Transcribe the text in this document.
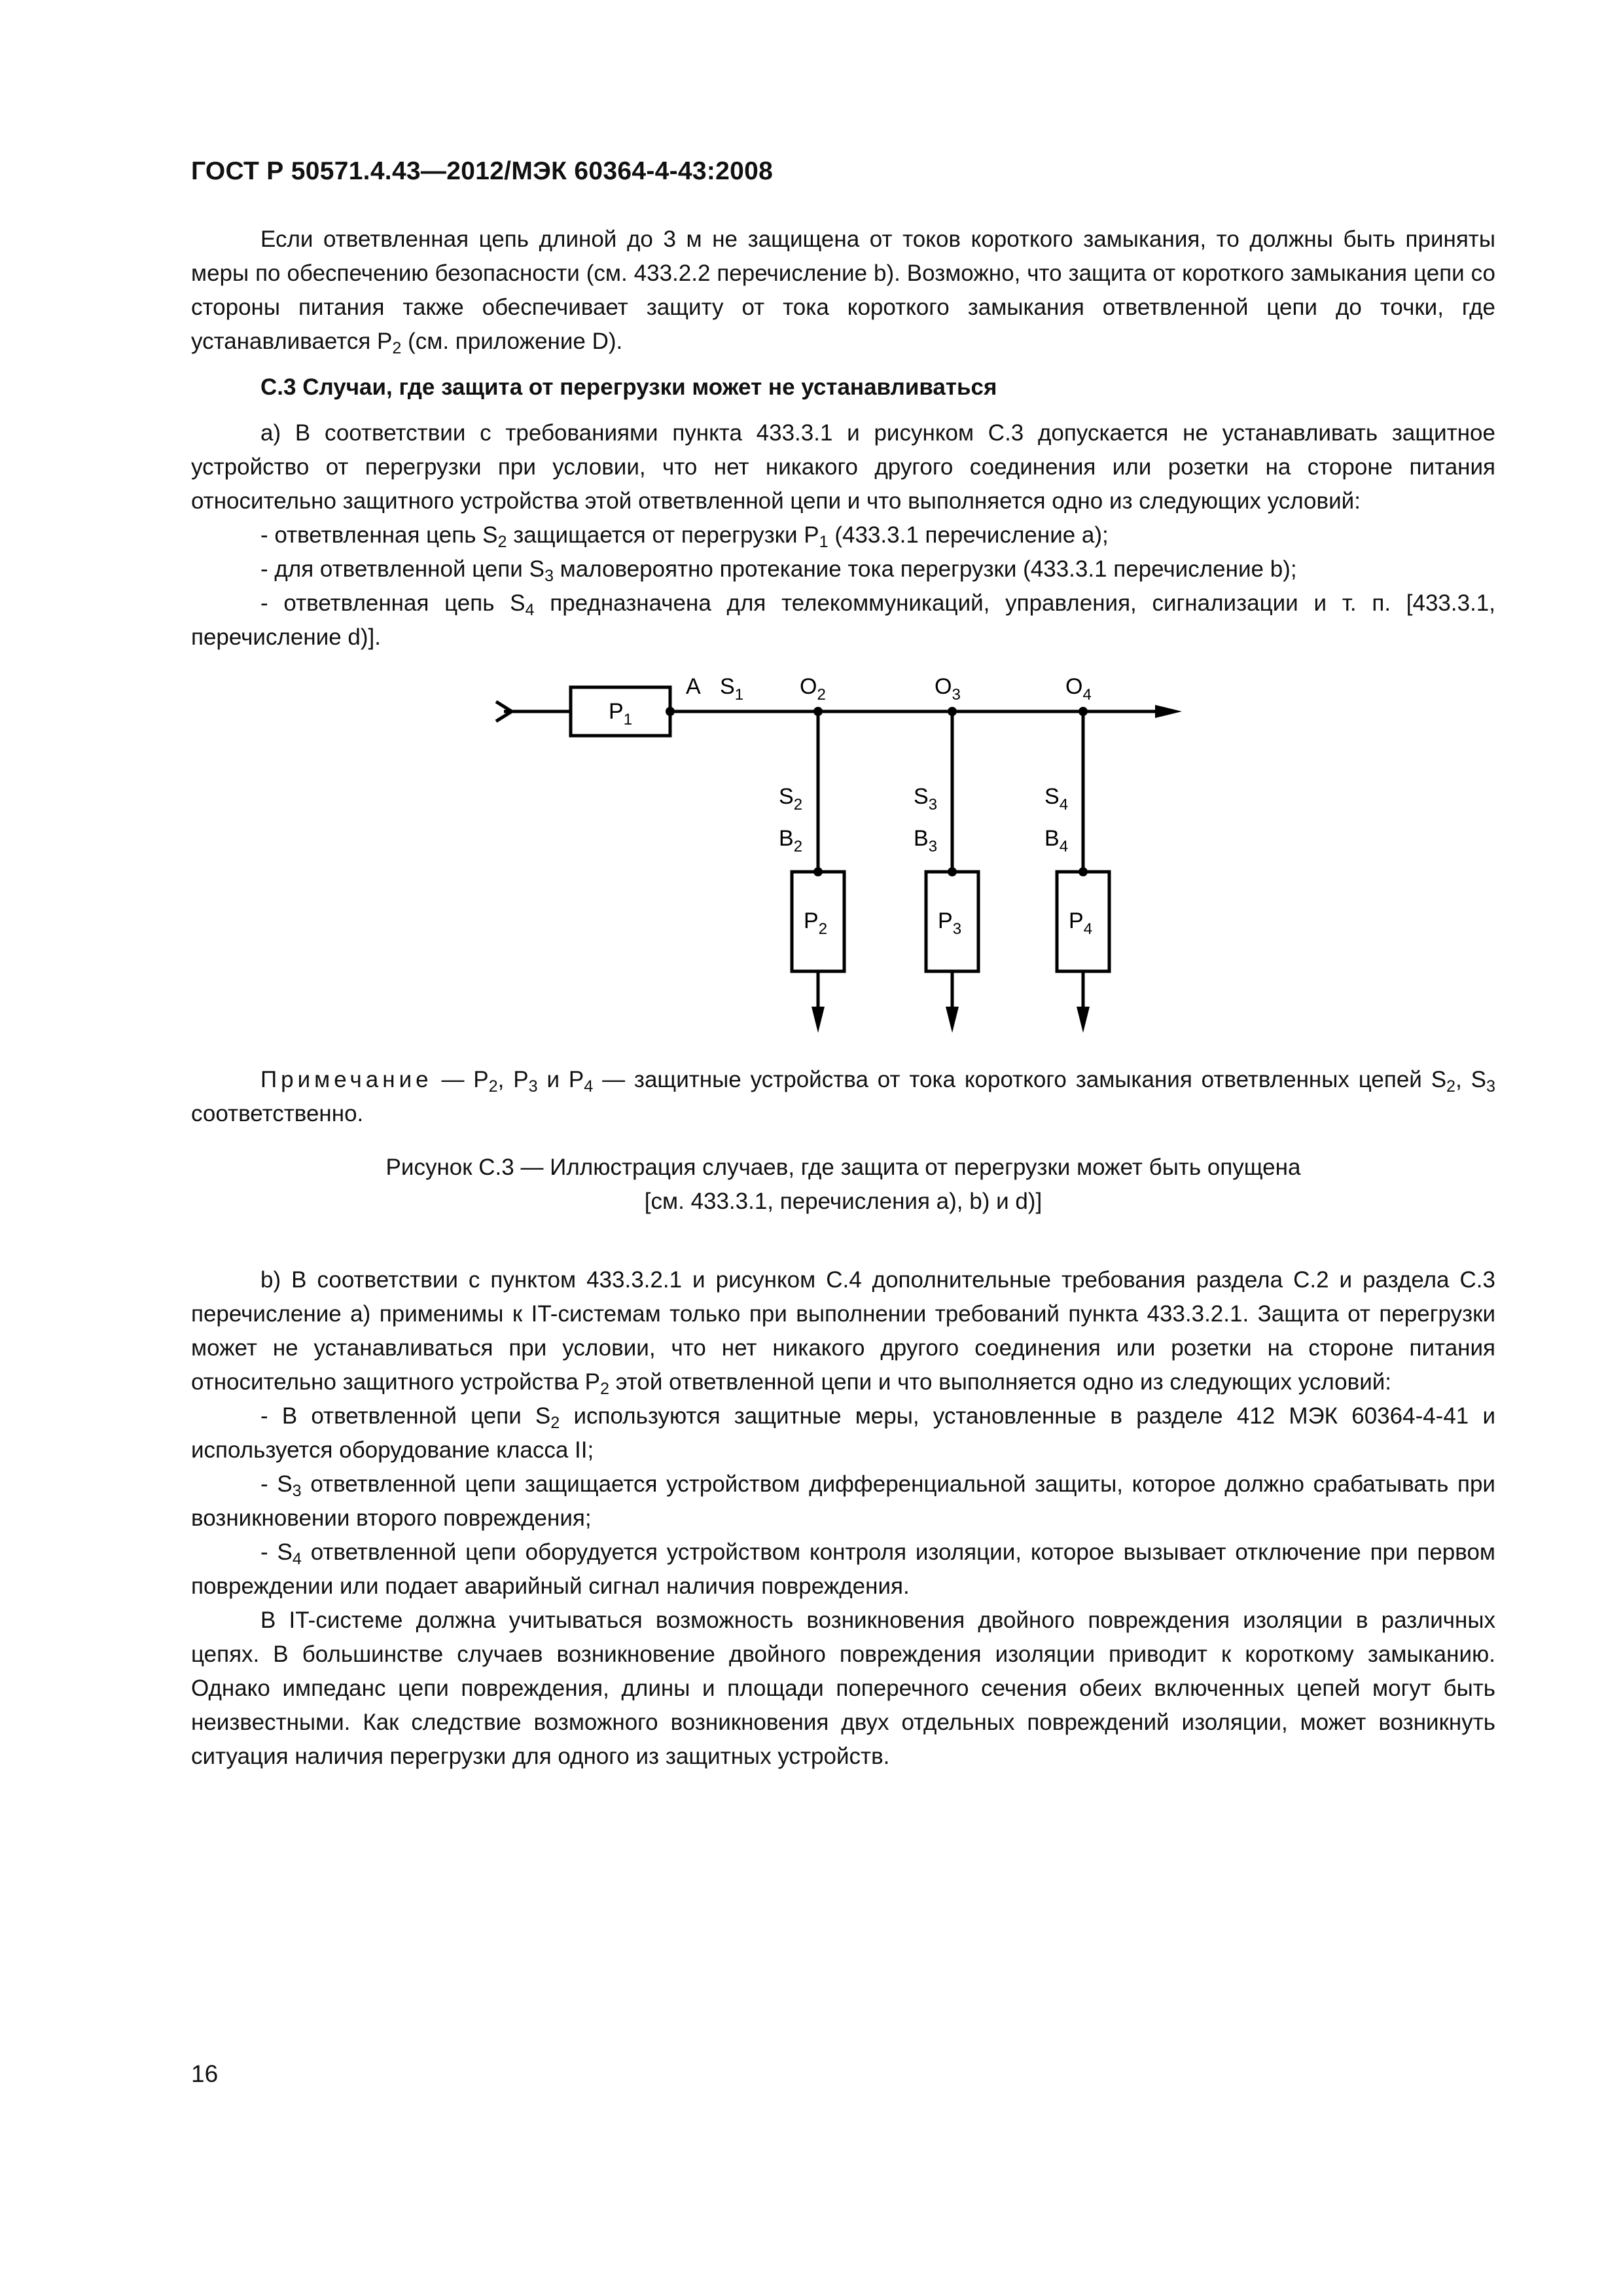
ГОСТ Р 50571.4.43—2012/МЭК 60364-4-43:2008

Если ответвленная цепь длиной до 3 м не защищена от токов короткого замыкания, то должны быть приняты меры по обеспечению безопасности (см. 433.2.2 перечисление b). Возможно, что защита от короткого замыкания цепи со стороны питания также обеспечивает защиту от тока короткого замыкания ответвленной цепи до точки, где устанавливается $Р_2$ (см. приложение D).

С.3 Случаи, где защита от перегрузки может не устанавливаться

а) В соответствии с требованиями пункта 433.3.1 и рисунком С.3 допускается не устанавливать защитное устройство от перегрузки при условии, что нет никакого другого соединения или розетки на стороне питания относительно защитного устройства этой ответвленной цепи и что выполняется одно из следующих условий:

- ответвленная цепь $S_2$ защищается от перегрузки $Р_1$ (433.3.1 перечисление а);

- для ответвленной цепи $S_3$ маловероятно протекание тока перегрузки (433.3.1 перечисление b);

- ответвленная цепь $S_4$ предназначена для телекоммуникаций, управления, сигнализации и т. п. [433.3.1, перечисление d)].

$P_1$
A $S_1$	$O_2$	$O_3$	$O_4$
$S_2$	$S_3$	$S_4$
$B_2$	$B_3$	$B_4$
$P_2$	$P_3$	$P_4$

Примечание — $Р_2$, $Р_3$ и $Р_4$ — защитные устройства от тока короткого замыкания ответвленных цепей $S_2$, $S_3$ соответственно.

Рисунок С.3 — Иллюстрация случаев, где защита от перегрузки может быть опущена
[см. 433.3.1, перечисления а), b) и d)]

b) В соответствии с пунктом 433.3.2.1 и рисунком С.4 дополнительные требования раздела С.2 и раздела С.3 перечисление а) применимы к IT-системам только при выполнении требований пункта 433.3.2.1. Защита от перегрузки может не устанавливаться при условии, что нет никакого другого соединения или розетки на стороне питания относительно защитного устройства $Р_2$ этой ответвленной цепи и что выполняется одно из следующих условий:

- В ответвленной цепи $S_2$ используются защитные меры, установленные в разделе 412 МЭК 60364-4-41 и используется оборудование класса II;

- $S_3$ ответвленной цепи защищается устройством дифференциальной защиты, которое должно срабатывать при возникновении второго повреждения;

- $S_4$ ответвленной цепи оборудуется устройством контроля изоляции, которое вызывает отключение при первом повреждении или подает аварийный сигнал наличия повреждения.

В IT-системе должна учитываться возможность возникновения двойного повреждения изоляции в различных цепях. В большинстве случаев возникновение двойного повреждения изоляции приводит к короткому замыканию. Однако импеданс цепи повреждения, длины и площади поперечного сечения обеих включенных цепей могут быть неизвестными. Как следствие возможного возникновения двух отдельных повреждений изоляции, может возникнуть ситуация наличия перегрузки для одного из защитных устройств.

16
